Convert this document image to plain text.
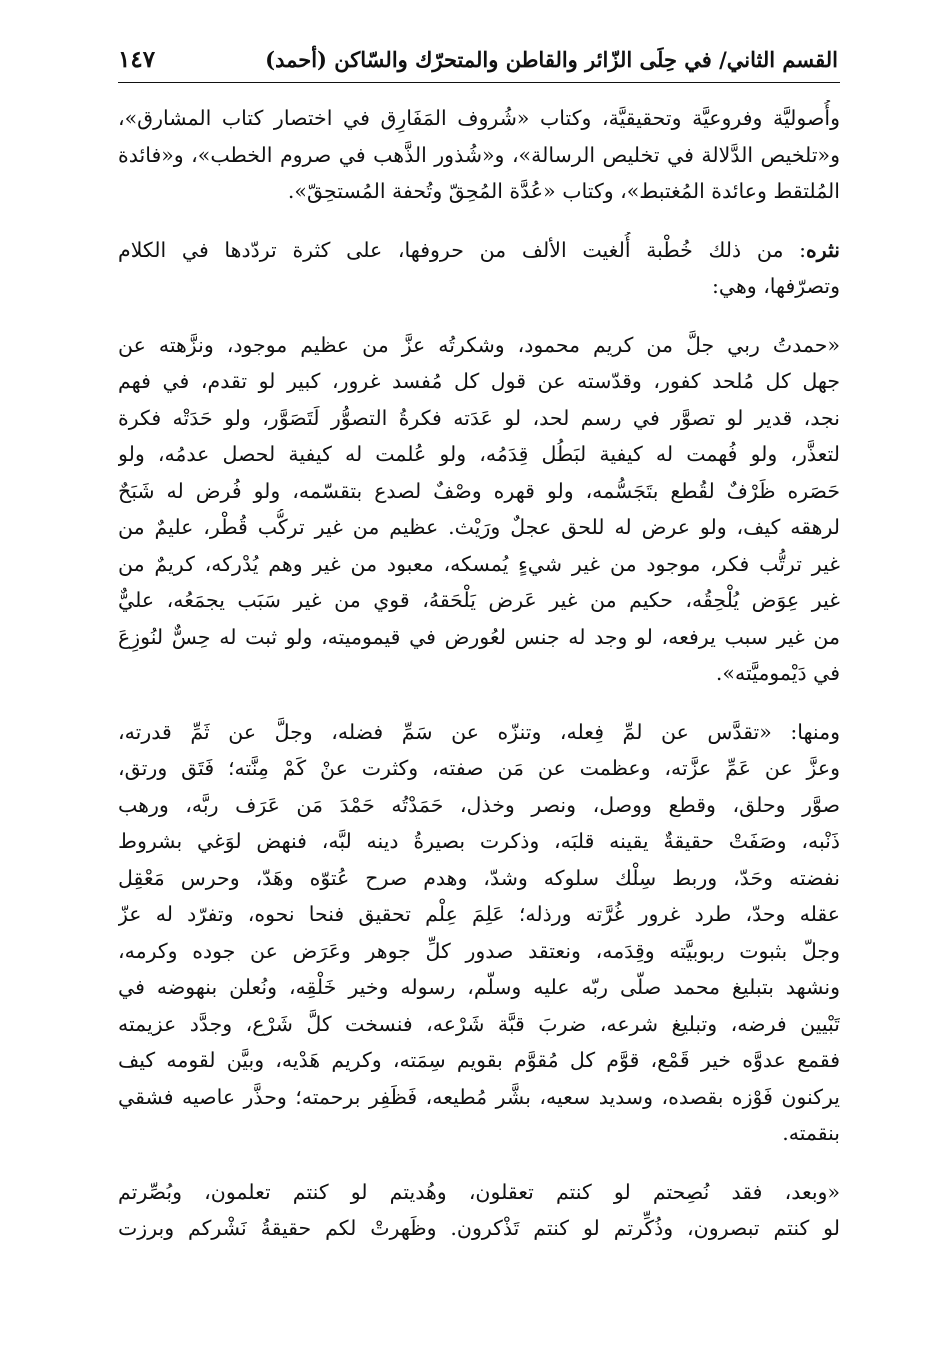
القسم الثاني/ في حِلَى الزّائر والقاطن والمتحرّك والسّاكن (أحمد)
١٤٧
وأُصوليَّة وفروعيَّة وتحقيقيَّة، وكتاب «شُروف المَفَارِق في اختصار كتاب المشارق»،
و«تلخيص الدَّلالة في تخليص الرسالة»، و«شُذور الذَّهب في صروم الخطب»، و«فائدة
المُلتقط وعائدة المُغتبط»، وكتاب «عُدَّة المُحِقّ وتُحفة المُستحِقّ».
نثره: من ذلك خُطْبة أُلغيت الألف من حروفها، على كثرة تردّدها في الكلام
وتصرّفها، وهي:
«حمدتُ ربي جلَّ من كريم محمود، وشكرتُه عزَّ من عظيم موجود، ونزَّهته عن
جهل كل مُلحد كفور، وقدّسته عن قول كل مُفسد غرور، كبير لو تقدم، في فهم
نجد، قدير لو تصوَّر في رسم لحد، لو عَدَته فكرةُ التصوُّر لَتَصَوَّر، ولو حَدَتْه فكرة
لتعذَّر، ولو فُهمت له كيفية لبَطُل قِدَمُه، ولو عُلمت له كيفية لحصل عدمُه، ولو
حَصَره ظَرْفٌ لقُطع بتَجَسُّمه، ولو قهره وصْفٌ لصدع بتقسّمه، ولو فُرض له شَبَحٌ
لرهقه كيف، ولو عرض له للحق عجلٌ ورَيْث. عظيم من غير تركُّب قُطْر، عليمٌ من
غير ترتُّب فكر، موجود من غير شيءٍ يُمسكه، معبود من غير وهم يُدْركه، كريمٌ من
غير عِوَض يُلْحِقُه، حكيم من غير عَرض يَلْحَقهُ، قوي من غير سَبَب يجمَعُه، عليٌّ
من غير سبب يرفعه، لو وجد له جنس لعُورض في قيموميته، ولو ثبت له حِسٌّ لنُوزِعَ
في دَيْموميَّته».
ومنها: «تقدَّس عن لمِّ فِعله، وتنزّه عن سَمِّ فضله، وجلَّ عن ثَمِّ قدرته،
وعزَّ عن عَمِّ عزَّته، وعظمت عن مَن صفته، وكثرت عنْ كَمْ مِنَّته؛ فَتَق ورتق،
صوَّر وحلق، وقطع ووصل، ونصر وخذل، حَمَدْتُه حَمْدَ مَن عَرَف ربَّه، ورهب
ذَنْبه، وصَفَتْ حقيقةٌ يقينه قلبَه، وذكرت بصيرةُ دينه لبَّه، فنهض لوَغي بشروط
نفضته وحَدّ، وربط سِلْك سلوكه وشدّ، وهدم صرح عُتوّه وهَدّ، وحرس مَعْقِل
عقله وحدّ، طرد غرور غُرَّته ورذله؛ عَلِمَ عِلْم تحقيق فنحا نحوه، وتفرّد له عزّ
وجلّ بثبوت ربوبيَّته وقِدَمه، ونعتقد صدور كلِّ جوهر وعَرَض عن جوده وكرمه،
ونشهد بتبليغ محمد صلّى ربّه عليه وسلّم، رسوله وخير خَلْقِه، ونُعلن بنهوضه في
تَبْيين فرضه، وتبليغ شرعه، ضربَ قبَّة شَرْعه، فنسخت كلَّ شَرْع، وجدَّد عزيمته
فقمع عدوَّه خير قَمْع، قوَّم كل مُقوَّم بقويم سِمَته، وكريم هَدْيه، وبيَّن لقومه كيف
يركنون فَوْزه بقصده، وسديد سعيه، بشَّر مُطيعه، فَظَفِر برحمته؛ وحذَّر عاصيه فشقي
بنقمته.
«وبعد، فقد نُصِحتم لو كنتم تعقلون، وهُديتم لو كنتم تعلمون، وبُصِّرتم
لو كنتم تبصرون، وذُكِّرتم لو كنتم تَذْكرون. وظَهرتْ لكم حقيقةُ نَشْركم وبرزت
